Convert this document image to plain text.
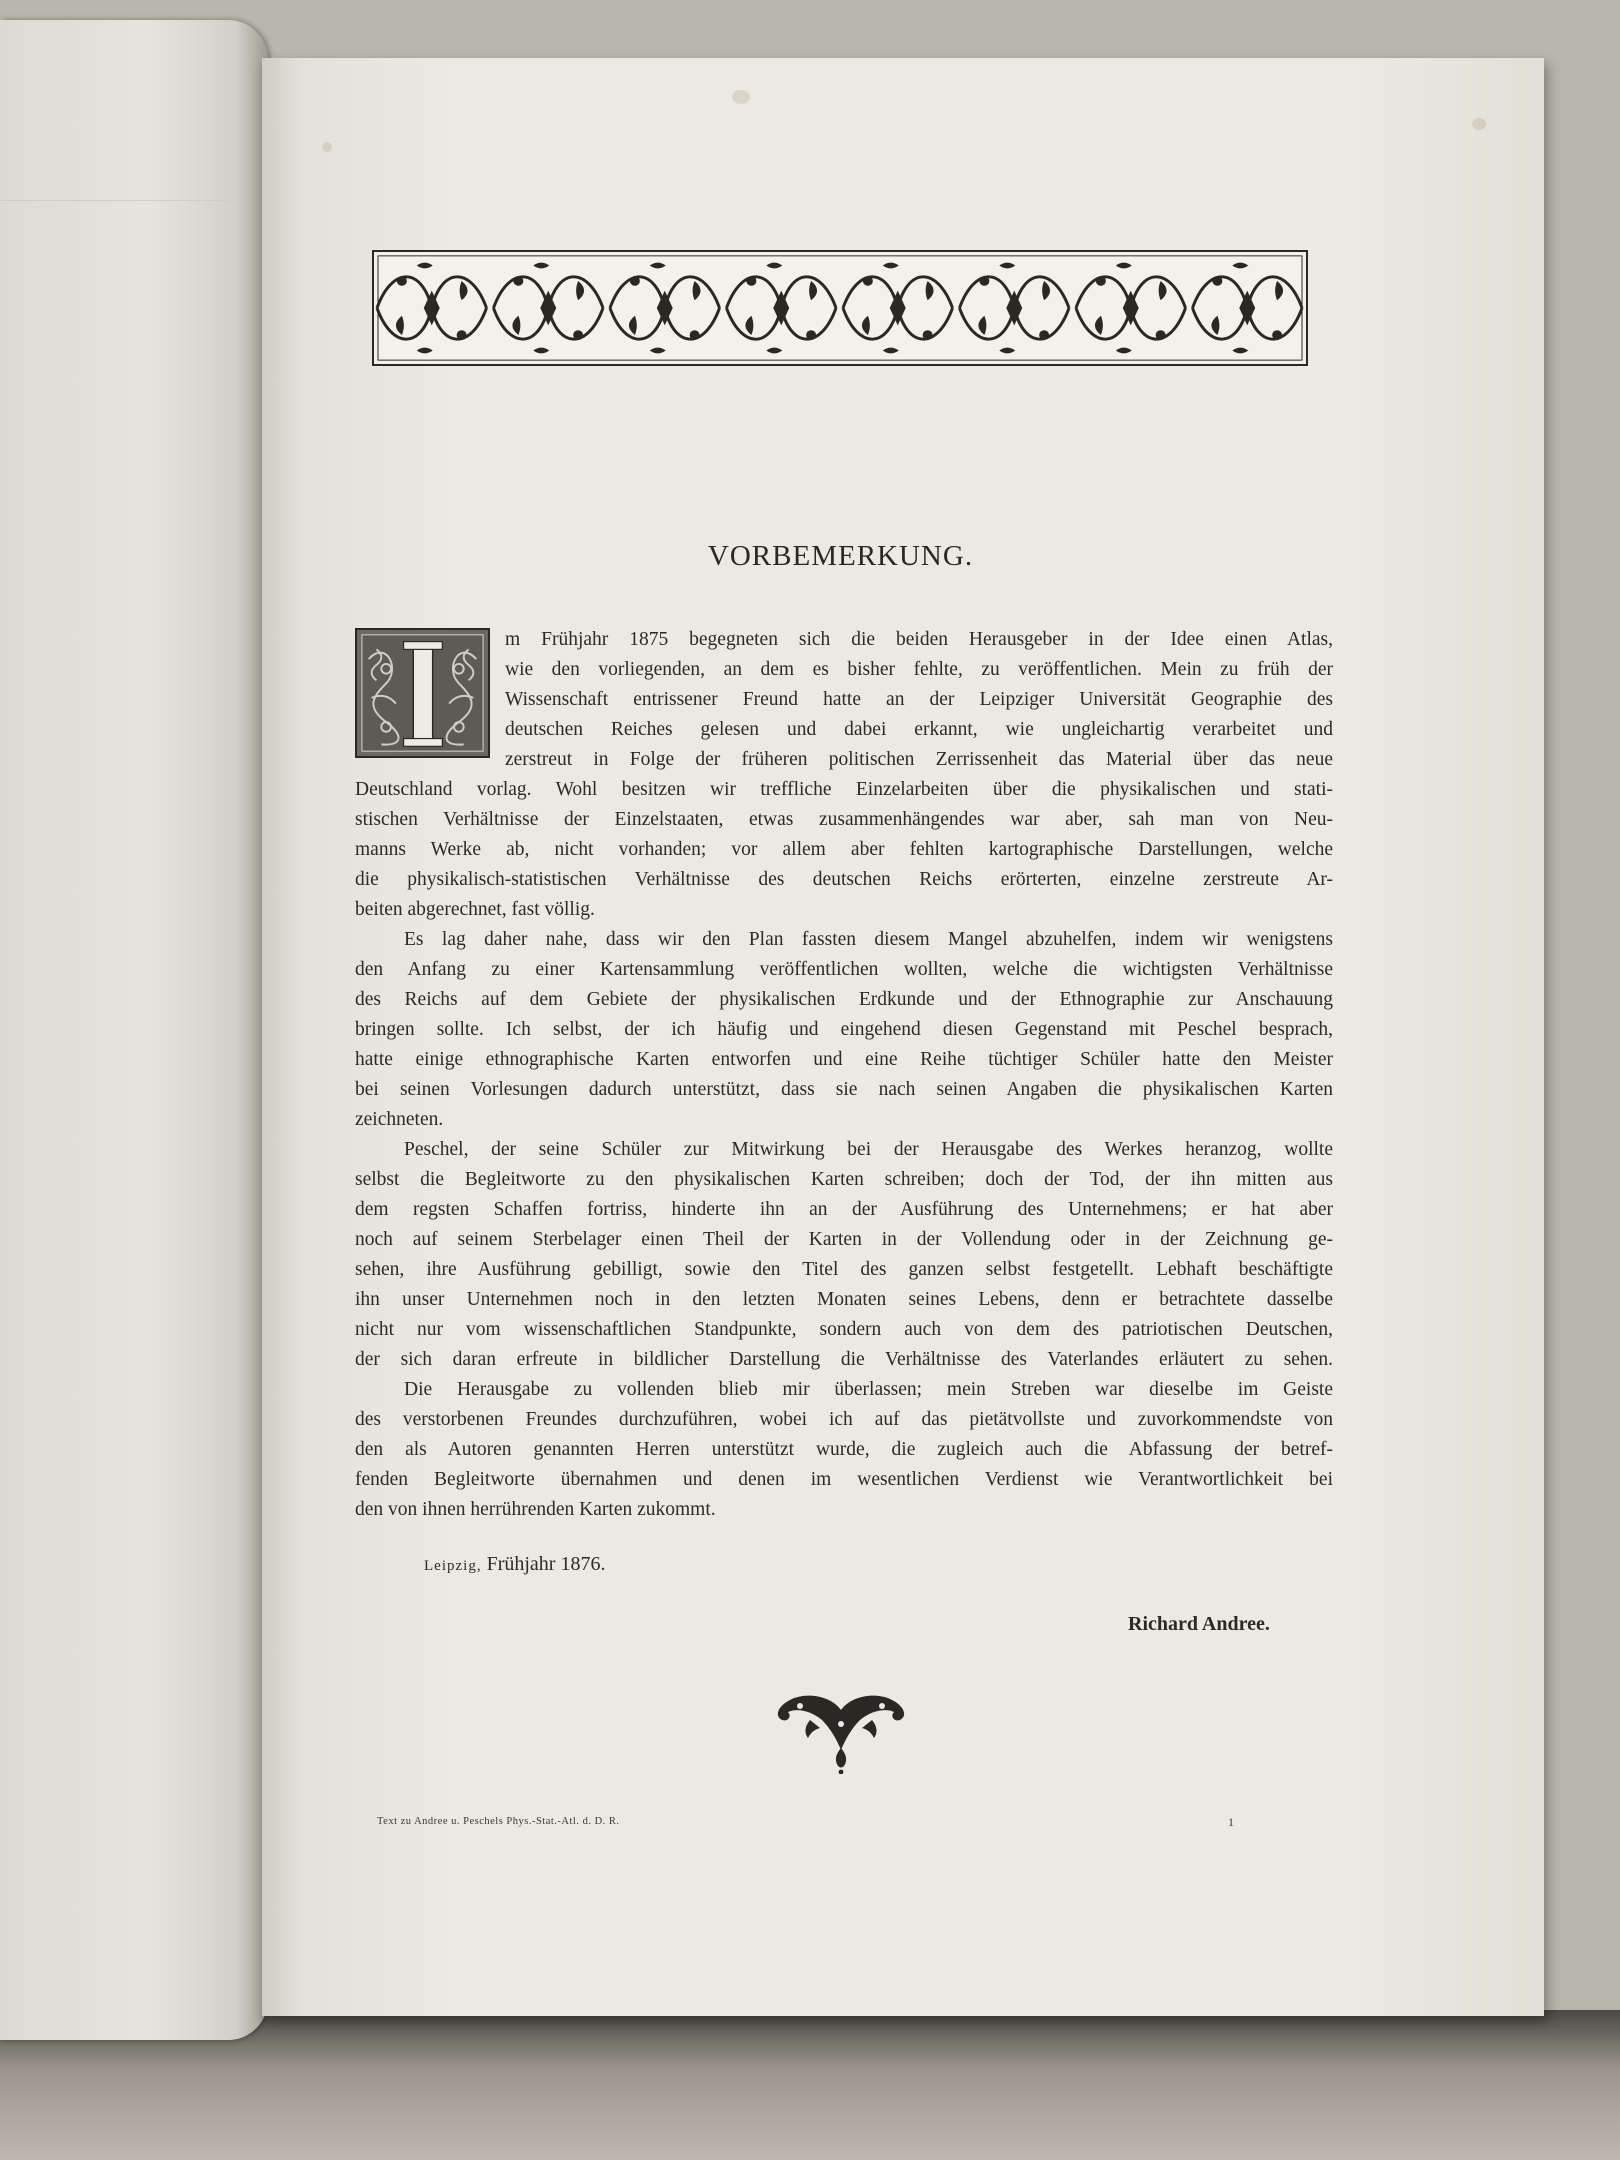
VORBEMERKUNG.
m Frühjahr 1875 begegneten sich die beiden Herausgeber in der Idee einen Atlas,
wie den vorliegenden, an dem es bisher fehlte, zu veröffentlichen. Mein zu früh der
Wissenschaft entrissener Freund hatte an der Leipziger Universität Geographie des
deutschen Reiches gelesen und dabei erkannt, wie ungleichartig verarbeitet und
zerstreut in Folge der früheren politischen Zerrissenheit das Material über das neue
Deutschland vorlag. Wohl besitzen wir treffliche Einzelarbeiten über die physikalischen und stati-
stischen Verhältnisse der Einzelstaaten, etwas zusammenhängendes war aber, sah man von Neu-
manns Werke ab, nicht vorhanden; vor allem aber fehlten kartographische Darstellungen, welche
die physikalisch-statistischen Verhältnisse des deutschen Reichs erörterten, einzelne zerstreute Ar-
beiten abgerechnet, fast völlig.
Es lag daher nahe, dass wir den Plan fassten diesem Mangel abzuhelfen, indem wir wenigstens
den Anfang zu einer Kartensammlung veröffentlichen wollten, welche die wichtigsten Verhältnisse
des Reichs auf dem Gebiete der physikalischen Erdkunde und der Ethnographie zur Anschauung
bringen sollte. Ich selbst, der ich häufig und eingehend diesen Gegenstand mit Peschel besprach,
hatte einige ethnographische Karten entworfen und eine Reihe tüchtiger Schüler hatte den Meister
bei seinen Vorlesungen dadurch unterstützt, dass sie nach seinen Angaben die physikalischen Karten
zeichneten.
Peschel, der seine Schüler zur Mitwirkung bei der Herausgabe des Werkes heranzog, wollte
selbst die Begleitworte zu den physikalischen Karten schreiben; doch der Tod, der ihn mitten aus
dem regsten Schaffen fortriss, hinderte ihn an der Ausführung des Unternehmens; er hat aber
noch auf seinem Sterbelager einen Theil der Karten in der Vollendung oder in der Zeichnung ge-
sehen, ihre Ausführung gebilligt, sowie den Titel des ganzen selbst festgetellt. Lebhaft beschäftigte
ihn unser Unternehmen noch in den letzten Monaten seines Lebens, denn er betrachtete dasselbe
nicht nur vom wissenschaftlichen Standpunkte, sondern auch von dem des patriotischen Deutschen,
der sich daran erfreute in bildlicher Darstellung die Verhältnisse des Vaterlandes erläutert zu sehen.
Die Herausgabe zu vollenden blieb mir überlassen; mein Streben war dieselbe im Geiste
des verstorbenen Freundes durchzuführen, wobei ich auf das pietätvollste und zuvorkommendste von
den als Autoren genannten Herren unterstützt wurde, die zugleich auch die Abfassung der betref-
fenden Begleitworte übernahmen und denen im wesentlichen Verdienst wie Verantwortlichkeit bei
den von ihnen herrührenden Karten zukommt.
Leipzig, Frühjahr 1876.
Richard Andree.
Text zu Andree u. Peschels Phys.-Stat.-Atl. d. D. R.	1
